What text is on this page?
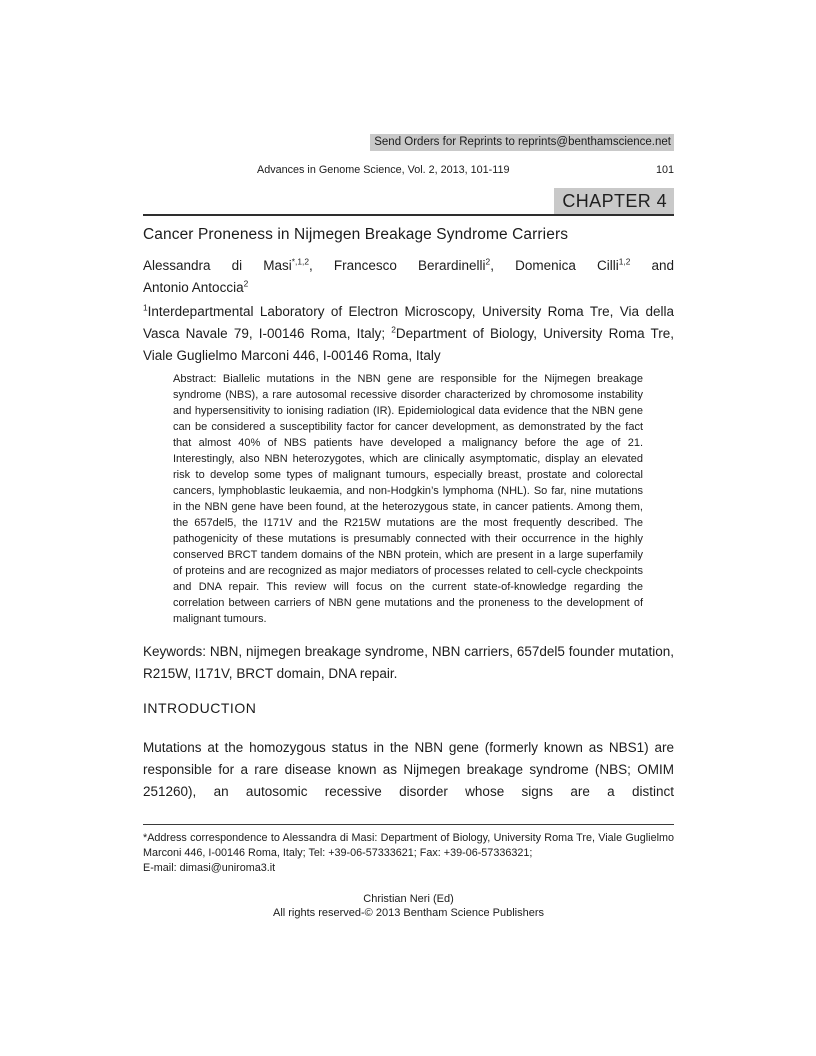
Send Orders for Reprints to reprints@benthamscience.net
Advances in Genome Science, Vol. 2, 2013, 101-119	101
CHAPTER 4
Cancer Proneness in Nijmegen Breakage Syndrome Carriers
Alessandra di Masi$^{*,1,2}$, Francesco Berardinelli$^2$, Domenica Cilli$^{1,2}$ and
Antonio Antoccia$^2$

$^1$Interdepartmental Laboratory of Electron Microscopy, University Roma Tre, Via della Vasca Navale 79, I-00146 Roma, Italy; $^2$Department of Biology, University Roma Tre, Viale Guglielmo Marconi 446, I-00146 Roma, Italy

Abstract: Biallelic mutations in the NBN gene are responsible for the Nijmegen breakage syndrome (NBS), a rare autosomal recessive disorder characterized by chromosome instability and hypersensitivity to ionising radiation (IR). Epidemiological data evidence that the NBN gene can be considered a susceptibility factor for cancer development, as demonstrated by the fact that almost 40% of NBS patients have developed a malignancy before the age of 21. Interestingly, also NBN heterozygotes, which are clinically asymptomatic, display an elevated risk to develop some types of malignant tumours, especially breast, prostate and colorectal cancers, lymphoblastic leukaemia, and non-Hodgkin’s lymphoma (NHL). So far, nine mutations in the NBN gene have been found, at the heterozygous state, in cancer patients. Among them, the 657del5, the I171V and the R215W mutations are the most frequently described. The pathogenicity of these mutations is presumably connected with their occurrence in the highly conserved BRCT tandem domains of the NBN protein, which are present in a large superfamily of proteins and are recognized as major mediators of processes related to cell-cycle checkpoints and DNA repair. This review will focus on the current state-of-knowledge regarding the correlation between carriers of NBN gene mutations and the proneness to the development of malignant tumours.

Keywords: NBN, nijmegen breakage syndrome, NBN carriers, 657del5 founder mutation, R215W, I171V, BRCT domain, DNA repair.

INTRODUCTION

Mutations at the homozygous status in the NBN gene (formerly known as NBS1) are responsible for a rare disease known as Nijmegen breakage syndrome (NBS; OMIM 251260), an autosomic recessive disorder whose signs are a distinct

*Address correspondence to Alessandra di Masi: Department of Biology, University Roma Tre, Viale Guglielmo Marconi 446, I-00146 Roma, Italy; Tel: +39-06-57333621; Fax: +39-06-57336321;

E-mail: dimasi@uniroma3.it

Christian Neri (Ed)
All rights reserved-© 2013 Bentham Science Publishers
